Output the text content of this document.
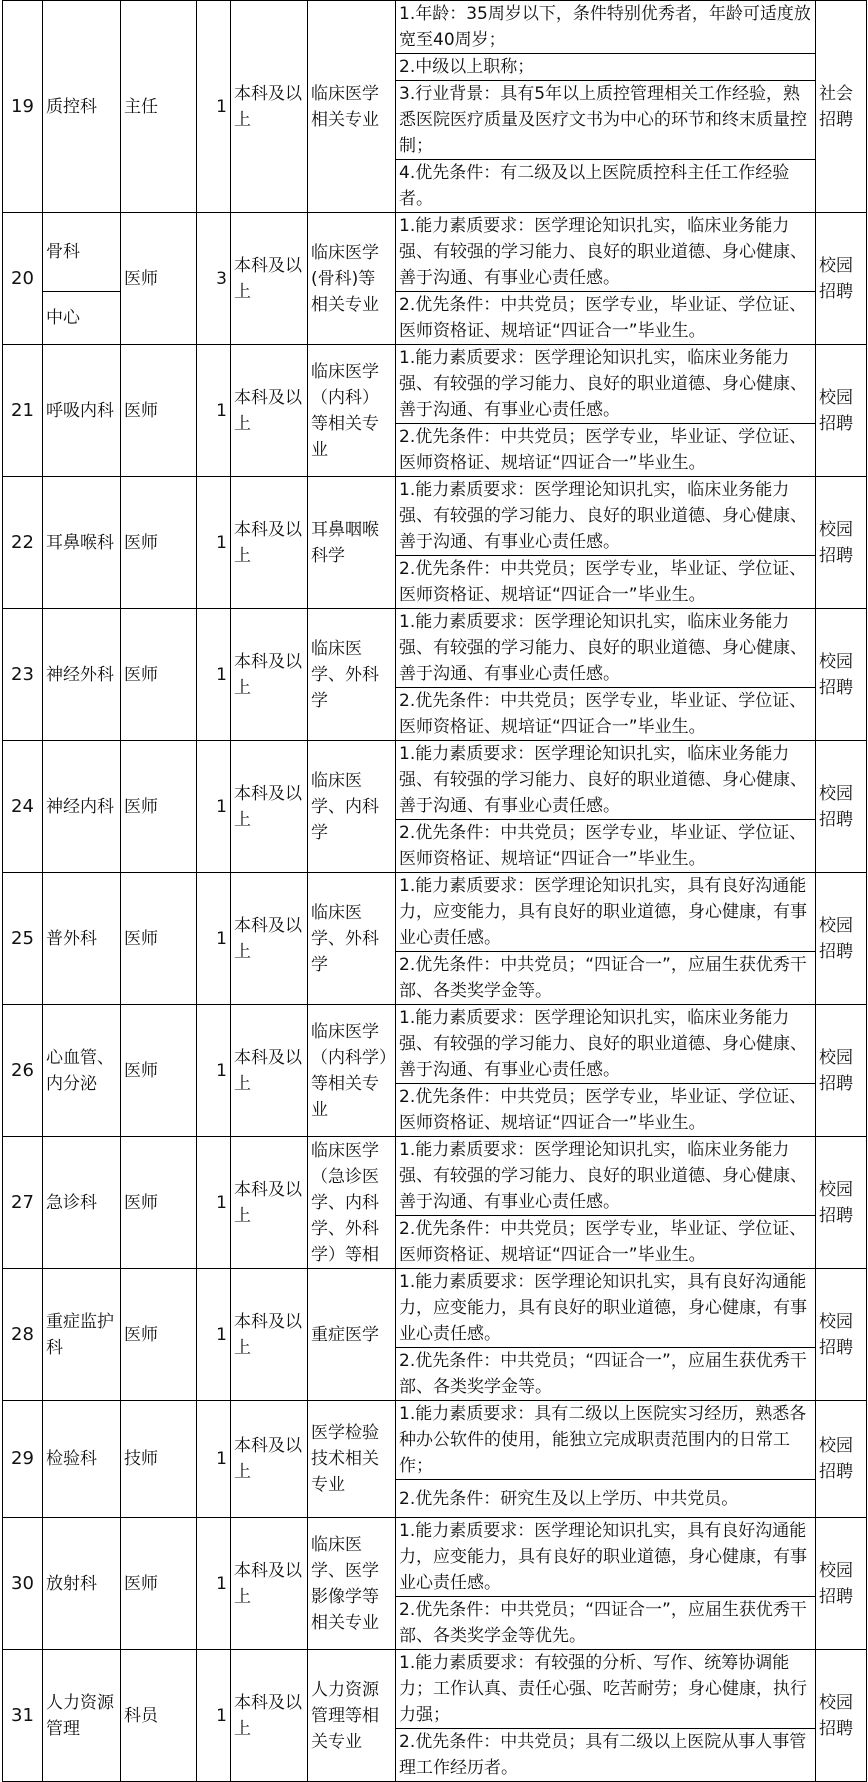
19	质控科	主任	1	本科及以上	临床医学相关专业	1.年龄：35周岁以下，条件特别优秀者，年龄可适度放宽至40周岁；	社会招聘

						2.中级以上职称；	

						3.行业背景：具有5年以上质控管理相关工作经验，熟悉医院医疗质量及医疗文书为中心的环节和终末质量控制；	

						4.优先条件：有二级及以上医院质控科主任工作经验者。	

20	骨科	医师	3	本科及以上	临床医学(骨科)等相关专业	1.能力素质要求：医学理论知识扎实，临床业务能力强、有较强的学习能力、良好的职业道德、身心健康、善于沟通、有事业心责任感。	校园招聘
	中心					2.优先条件：中共党员；医学专业，毕业证、学位证、医师资格证、规培证“四证合一”毕业生。	

21	呼吸内科	医师	1	本科及以上	临床医学（内科）等相关专业	1.能力素质要求：医学理论知识扎实，临床业务能力强、有较强的学习能力、良好的职业道德、身心健康、善于沟通、有事业心责任感。	校园招聘

						2.优先条件：中共党员；医学专业，毕业证、学位证、医师资格证、规培证“四证合一”毕业生。	

22	耳鼻喉科	医师	1	本科及以上	耳鼻咽喉科学	1.能力素质要求：医学理论知识扎实，临床业务能力强、有较强的学习能力、良好的职业道德、身心健康、善于沟通、有事业心责任感。	校园招聘

						2.优先条件：中共党员；医学专业，毕业证、学位证、医师资格证、规培证“四证合一”毕业生。	

23	神经外科	医师	1	本科及以上	临床医学、外科学	1.能力素质要求：医学理论知识扎实，临床业务能力强、有较强的学习能力、良好的职业道德、身心健康、善于沟通、有事业心责任感。	校园招聘

						2.优先条件：中共党员；医学专业，毕业证、学位证、医师资格证、规培证“四证合一”毕业生。	

24	神经内科	医师	1	本科及以上	临床医学、内科学	1.能力素质要求：医学理论知识扎实，临床业务能力强、有较强的学习能力、良好的职业道德、身心健康、善于沟通、有事业心责任感。	校园招聘

						2.优先条件：中共党员；医学专业，毕业证、学位证、医师资格证、规培证“四证合一”毕业生。	

25	普外科	医师	1	本科及以上	临床医学、外科学	1.能力素质要求：医学理论知识扎实，具有良好沟通能力，应变能力，具有良好的职业道德，身心健康，有事业心责任感。	校园招聘

						2.优先条件：中共党员；“四证合一”，应届生获优秀干部、各类奖学金等。	

26	心血管、内分泌	医师	1	本科及以上	临床医学（内科学）等相关专业	1.能力素质要求：医学理论知识扎实，临床业务能力强、有较强的学习能力、良好的职业道德、身心健康、善于沟通、有事业心责任感。	校园招聘

						2.优先条件：中共党员；医学专业，毕业证、学位证、医师资格证、规培证“四证合一”毕业生。	

27	急诊科	医师	1	本科及以上	临床医学（急诊医学、内科学、外科学）等相	1.能力素质要求：医学理论知识扎实，临床业务能力强、有较强的学习能力、良好的职业道德、身心健康、善于沟通、有事业心责任感。	校园招聘

						2.优先条件：中共党员；医学专业，毕业证、学位证、医师资格证、规培证“四证合一”毕业生。	

28	重症监护科	医师	1	本科及以上	重症医学	1.能力素质要求：医学理论知识扎实，具有良好沟通能力，应变能力，具有良好的职业道德，身心健康，有事业心责任感。	校园招聘

						2.优先条件：中共党员；“四证合一”，应届生获优秀干部、各类奖学金等。	

29	检验科	技师	1	本科及以上	医学检验技术相关专业	1.能力素质要求：具有二级以上医院实习经历，熟悉各种办公软件的使用，能独立完成职责范围内的日常工作；	校园招聘

						2.优先条件：研究生及以上学历、中共党员。	

30	放射科	医师	1	本科及以上	临床医学、医学影像学等相关专业	1.能力素质要求：医学理论知识扎实，具有良好沟通能力，应变能力，具有良好的职业道德，身心健康，有事业心责任感。	校园招聘

						2.优先条件：中共党员；“四证合一”，应届生获优秀干部、各类奖学金等优先。	

31	人力资源管理	科员	1	本科及以上	人力资源管理等相关专业	1.能力素质要求：有较强的分析、写作、统筹协调能力；工作认真、责任心强、吃苦耐劳；身心健康，执行力强；	校园招聘

						2.优先条件：中共党员；具有二级以上医院从事人事管理工作经历者。	
